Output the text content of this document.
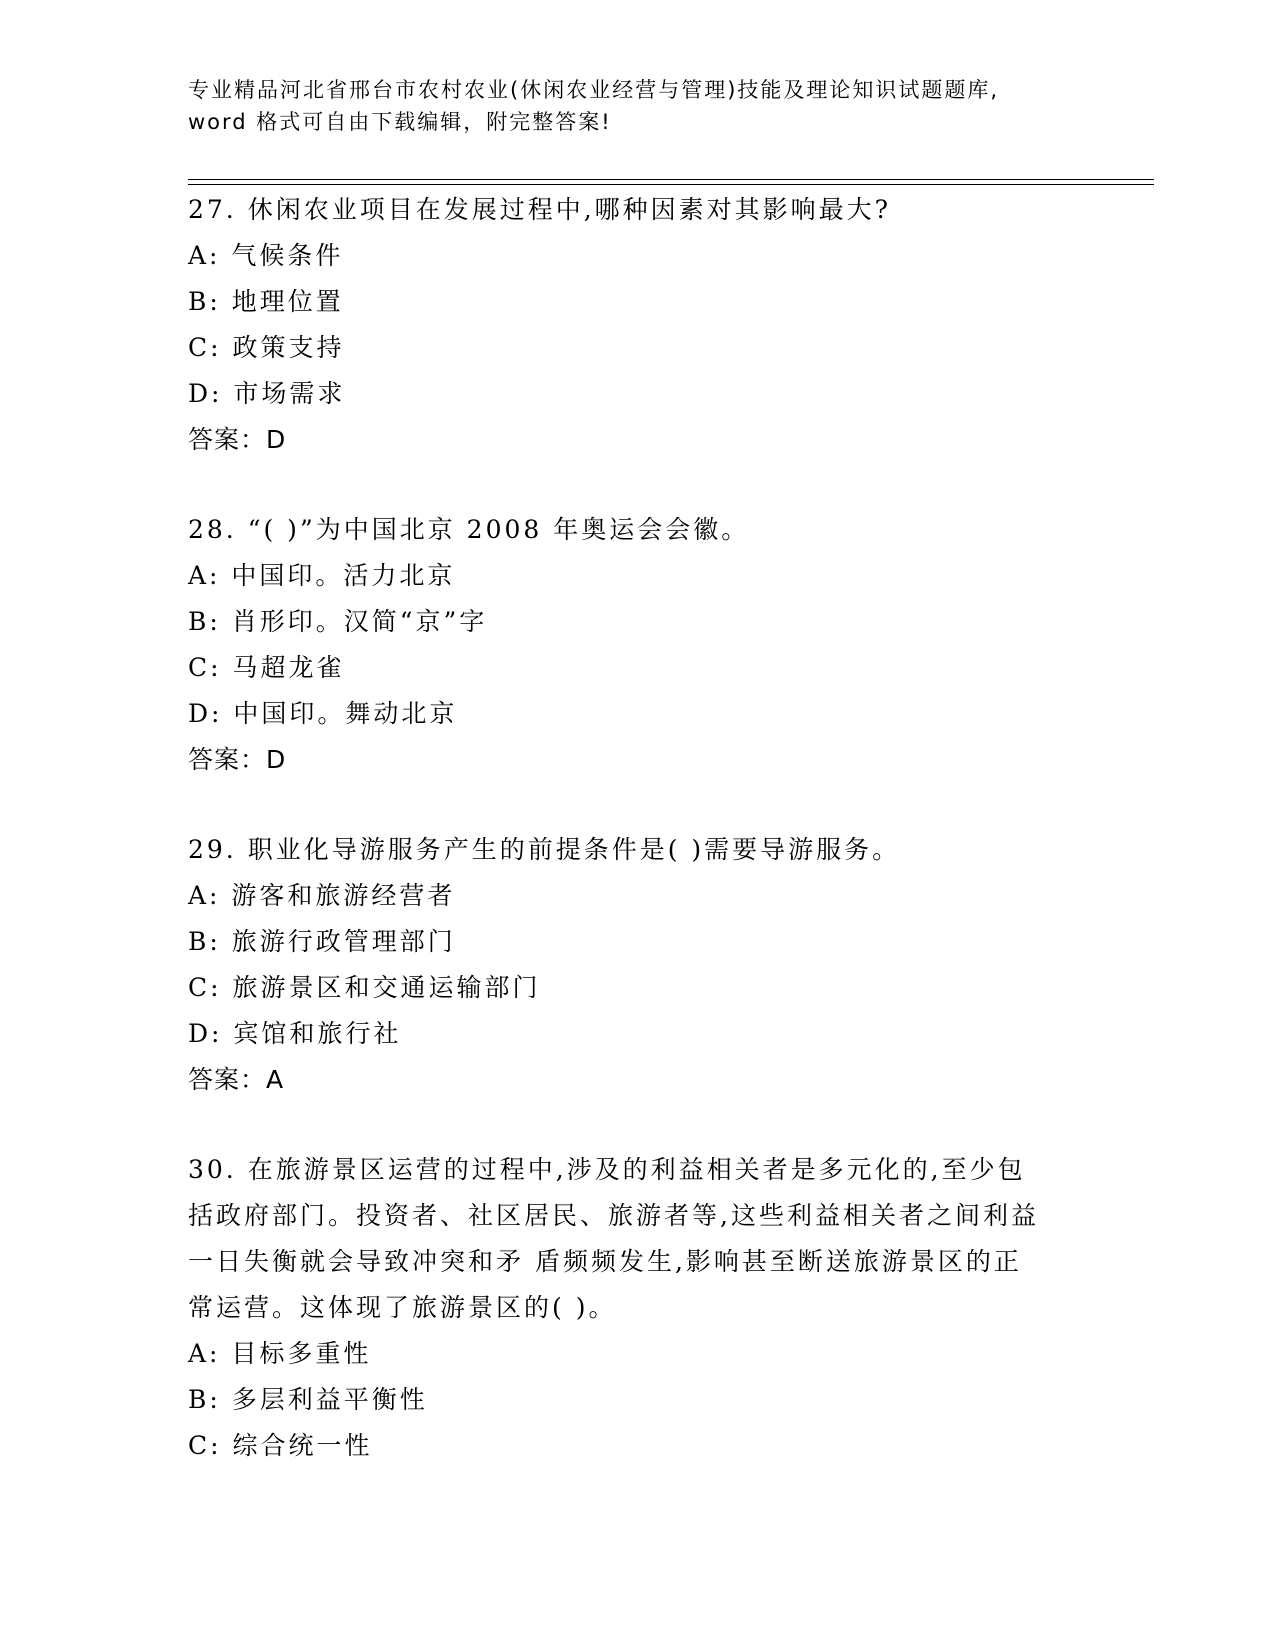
专业精品河北省邢台市农村农业(休闲农业经营与管理)技能及理论知识试题题库,
word 格式可自由下载编辑，附完整答案!
27. 休闲农业项目在发展过程中,哪种因素对其影响最大?
A: 气候条件
B: 地理位置
C: 政策支持
D: 市场需求
答案：D
28. “( )”为中国北京 2008 年奥运会会徽。
A: 中国印。活力北京
B: 肖形印。汉简“京”字
C: 马超龙雀
D: 中国印。舞动北京
答案：D
29. 职业化导游服务产生的前提条件是( )需要导游服务。
A: 游客和旅游经营者
B: 旅游行政管理部门
C: 旅游景区和交通运输部门
D: 宾馆和旅行社
答案：A
30. 在旅游景区运营的过程中,涉及的利益相关者是多元化的,至少包
括政府部门。投资者、社区居民、旅游者等,这些利益相关者之间利益
一日失衡就会导致冲突和矛 盾频频发生,影响甚至断送旅游景区的正
常运营。这体现了旅游景区的( )。
A: 目标多重性
B: 多层利益平衡性
C: 综合统一性
